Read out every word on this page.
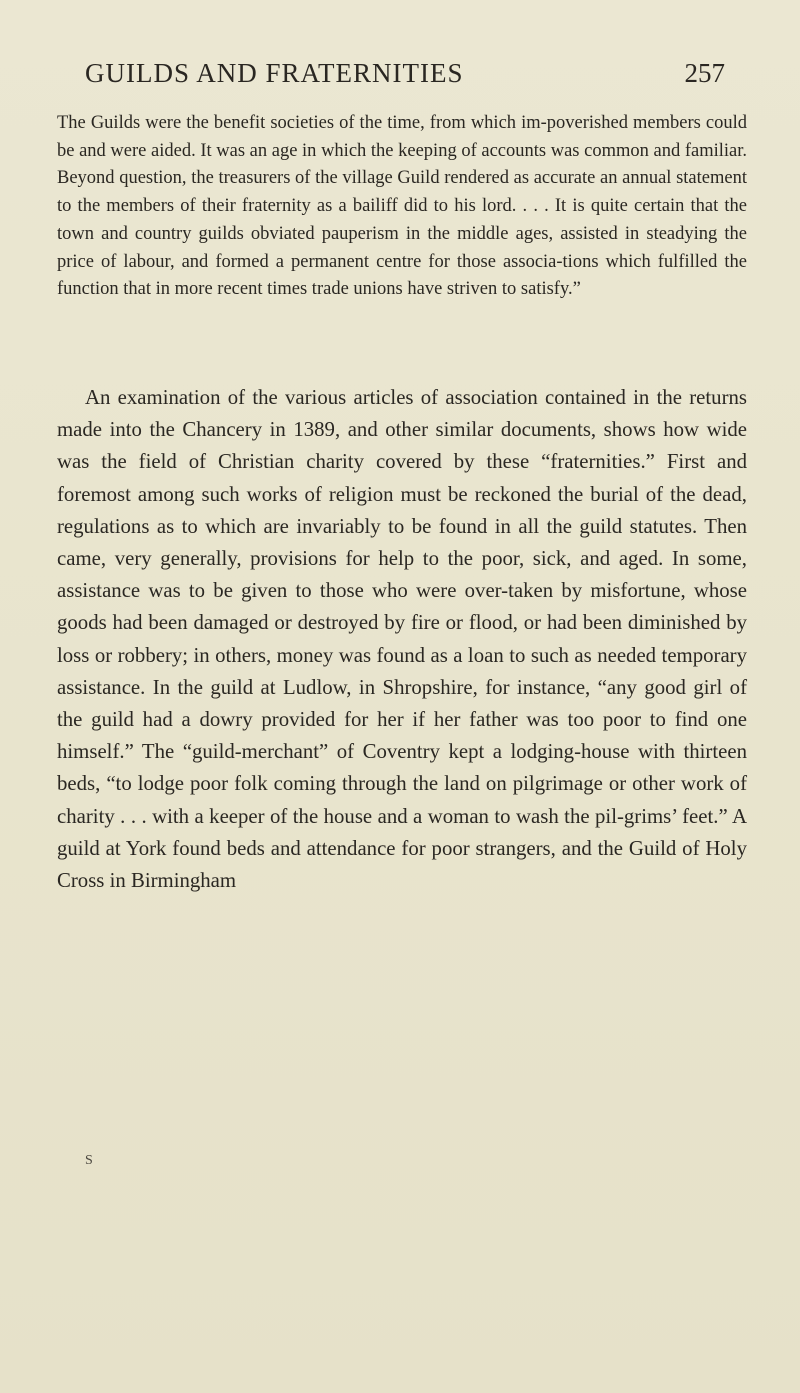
GUILDS AND FRATERNITIES	257

The Guilds were the benefit societies of the time, from which im-poverished members could be and were aided. It was an age in which the keeping of accounts was common and familiar. Beyond question, the treasurers of the village Guild rendered as accurate an annual statement to the members of their fraternity as a bailiff did to his lord. . . . It is quite certain that the town and country guilds obviated pauperism in the middle ages, assisted in steadying the price of labour, and formed a permanent centre for those associa-tions which fulfilled the function that in more recent times trade unions have striven to satisfy.”

An examination of the various articles of association contained in the returns made into the Chancery in 1389, and other similar documents, shows how wide was the field of Christian charity covered by these “fraternities.” First and foremost among such works of religion must be reckoned the burial of the dead, regulations as to which are invariably to be found in all the guild statutes. Then came, very generally, provisions for help to the poor, sick, and aged. In some, assistance was to be given to those who were over-taken by misfortune, whose goods had been damaged or destroyed by fire or flood, or had been diminished by loss or robbery; in others, money was found as a loan to such as needed temporary assistance. In the guild at Ludlow, in Shropshire, for instance, “any good girl of the guild had a dowry provided for her if her father was too poor to find one himself.” The “guild-merchant” of Coventry kept a lodging-house with thirteen beds, “to lodge poor folk coming through the land on pilgrimage or other work of charity . . . with a keeper of the house and a woman to wash the pil-grims’ feet.” A guild at York found beds and attendance for poor strangers, and the Guild of Holy Cross in Birmingham

S
